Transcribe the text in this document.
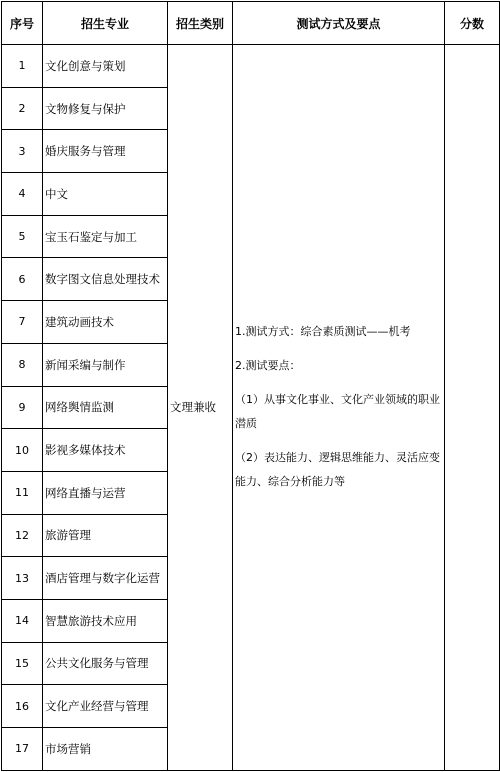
序号	招生专业	招生类别	测试方式及要点	分数
1	文化创意与策划	文理兼收	1.测试方式：综合素质测试——机考

2.测试要点：

（1）从事文化事业、文化产业领域的职业潜质

（2）表达能力、逻辑思维能力、灵活应变能力、综合分析能力等	

2	文物修复与保护			
3	婚庆服务与管理			
4	中文			
5	宝玉石鉴定与加工			
6	数字图文信息处理技术			
7	建筑动画技术			
8	新闻采编与制作			
9	网络舆情监测			
10	影视多媒体技术			
11	网络直播与运营			
12	旅游管理			
13	酒店管理与数字化运营			
14	智慧旅游技术应用			
15	公共文化服务与管理			
16	文化产业经营与管理			
17	市场营销			
